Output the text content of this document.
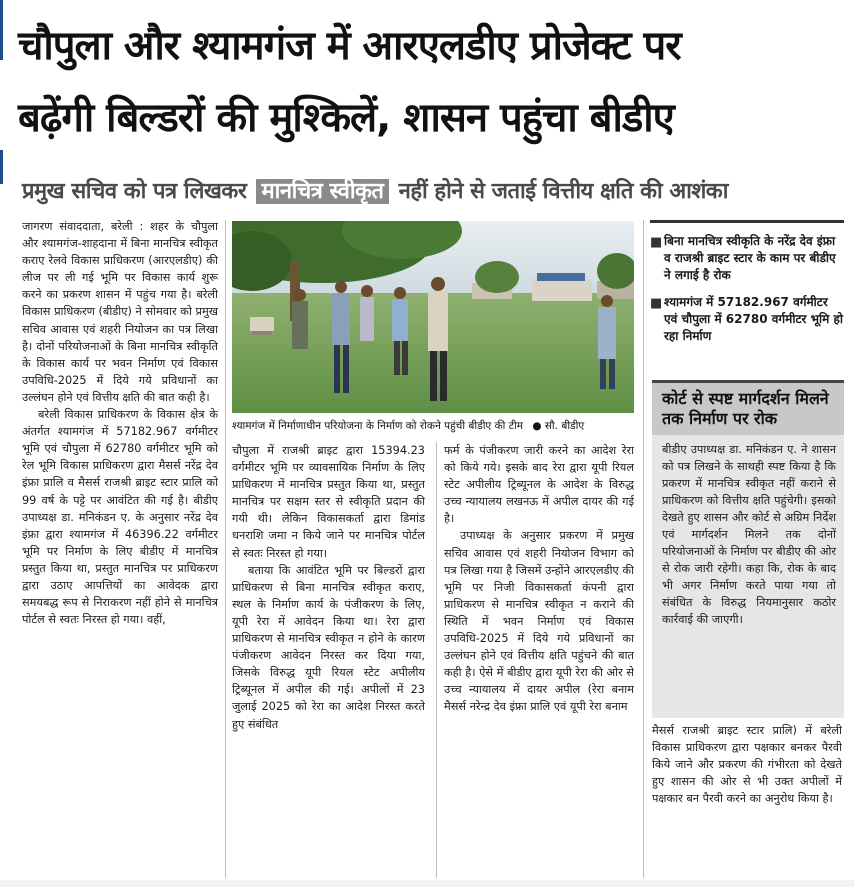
चौपुला और श्यामगंज में आरएलडीए प्रोजेक्ट पर
बढ़ेंगी बिल्डरों की मुश्किलें, शासन पहुंचा बीडीए
प्रमुख सचिव को पत्र लिखकर मानचित्र स्वीकृत नहीं होने से जताई वित्तीय क्षति की आशंका

जागरण संवाददाता, बरेली : शहर के चौपुला और श्यामगंज-शाहदाना में बिना मानचित्र स्वीकृत कराए रेलवे विकास प्राधिकरण (आरएलडीए) की लीज पर ली गई भूमि पर विकास कार्य शुरू करने का प्रकरण शासन में पहुंच गया है। बरेली विकास प्राधिकरण (बीडीए) ने सोमवार को प्रमुख सचिव आवास एवं शहरी नियोजन का पत्र लिखा है। दोनों परियोजनाओं के बिना मानचित्र स्वीकृति के विकास कार्य पर भवन निर्माण एवं विकास उपविधि-2025 में दिये गये प्रविधानों का उल्लंघन होने एवं वित्तीय क्षति की बात कही है।

बरेली विकास प्राधिकरण के विकास क्षेत्र के अंतर्गत श्यामगंज में 57182.967 वर्गमीटर भूमि एवं चौपुला में 62780 वर्गमीटर भूमि को रेल भूमि विकास प्राधिकरण द्वारा मैसर्स नरेंद्र देव इंफ्रा प्रालि व मैसर्स राजश्री ब्राइट स्टार प्रालि को 99 वर्ष के पट्टे पर आवंटित की गई है। बीडीए उपाध्यक्ष डा. मनिकंडन ए. के अनुसार नरेंद्र देव इंफ्रा द्वारा श्यामगंज में 46396.22 वर्गमीटर भूमि पर निर्माण के लिए बीडीए में मानचित्र प्रस्तुत किया था, प्रस्तुत मानचित्र पर प्राधिकरण द्वारा उठाए आपत्तियों का आवेदक द्वारा समयबद्ध रूप से निराकरण नहीं होने से मानचित्र पोर्टल से स्वतः निरस्त हो गया। वहीं,

श्यामगंज में निर्माणाधीन परियोजना के निर्माण को रोकने पहुंची बीडीए की टीम ● सौ. बीडीए

चौपुला में राजश्री ब्राइट द्वारा 15394.23 वर्गमीटर भूमि पर व्यावसायिक निर्माण के लिए प्राधिकरण में मानचित्र प्रस्तुत किया था, प्रस्तुत मानचित्र पर सक्षम स्तर से स्वीकृति प्रदान की गयी थी। लेकिन विकासकर्ता द्वारा डिमांड धनराशि जमा न किये जाने पर मानचित्र पोर्टल से स्वतः निरस्त हो गया।

बताया कि आवंटित भूमि पर बिल्डरों द्वारा प्राधिकरण से बिना मानचित्र स्वीकृत कराए, स्थल के निर्माण कार्य के पंजीकरण के लिए, यूपी रेरा में आवेदन किया था। रेरा द्वारा प्राधिकरण से मानचित्र स्वीकृत न होने के कारण पंजीकरण आवेदन निरस्त कर दिया गया, जिसके विरुद्ध यूपी रियल स्टेट अपीलीय ट्रिब्यूनल में अपील की गई। अपीलों में 23 जुलाई 2025 को रेरा का आदेश निरस्त करते हुए संबंधित

फर्म के पंजीकरण जारी करने का आदेश रेरा को किये गये। इसके बाद रेरा द्वारा यूपी रियल स्टेट अपीलीय ट्रिब्यूनल के आदेश के विरुद्ध उच्च न्यायालय लखनऊ में अपील दायर की गई है।

उपाध्यक्ष के अनुसार प्रकरण में प्रमुख सचिव आवास एवं शहरी नियोजन विभाग को पत्र लिखा गया है जिसमें उन्होंने आरएलडीए की भूमि पर निजी विकासकर्ता कंपनी द्वारा प्राधिकरण से मानचित्र स्वीकृत न कराने की स्थिति में भवन निर्माण एवं विकास उपविधि-2025 में दिये गये प्रविधानों का उल्लंघन होने एवं वित्तीय क्षति पहुंचने की बात कही है। ऐसे में बीडीए द्वारा यूपी रेरा की ओर से उच्च न्यायालय में दायर अपील (रेरा बनाम मैसर्स नरेन्द्र देव इंफ्रा प्रालि एवं यूपी रेरा बनाम

■ बिना मानचित्र स्वीकृति के नरेंद्र देव इंफ्रा व राजश्री ब्राइट स्टार के काम पर बीडीए ने लगाई है रोक
■ श्यामगंज में 57182.967 वर्गमीटर एवं चौपुला में 62780 वर्गमीटर भूमि हो रहा निर्माण
कोर्ट से स्पष्ट मार्गदर्शन मिलने तक निर्माण पर रोक
बीडीए उपाध्यक्ष डा. मनिकंडन ए. ने शासन को पत्र लिखने के साथही स्पष्ट किया है कि प्रकरण में मानचित्र स्वीकृत नहीं कराने से प्राधिकरण को वित्तीय क्षति पहुंचेगी। इसको देखते हुए शासन और कोर्ट से अग्रिम निर्देश एवं मार्गदर्शन मिलने तक दोनों परियोजनाओं के निर्माण पर बीडीए की ओर से रोक जारी रहेगी। कहा कि, रोक के बाद भी अगर निर्माण करते पाया गया तो संबंधित के विरुद्ध नियमानुसार कठोर कार्रवाई की जाएगी।

मैसर्स राजश्री ब्राइट स्टार प्रालि) में बरेली विकास प्राधिकरण द्वारा पक्षकार बनकर पैरवी किये जाने और प्रकरण की गंभीरता को देखते हुए शासन की ओर से भी उक्त अपीलों में पक्षकार बन पैरवी करने का अनुरोध किया है।
